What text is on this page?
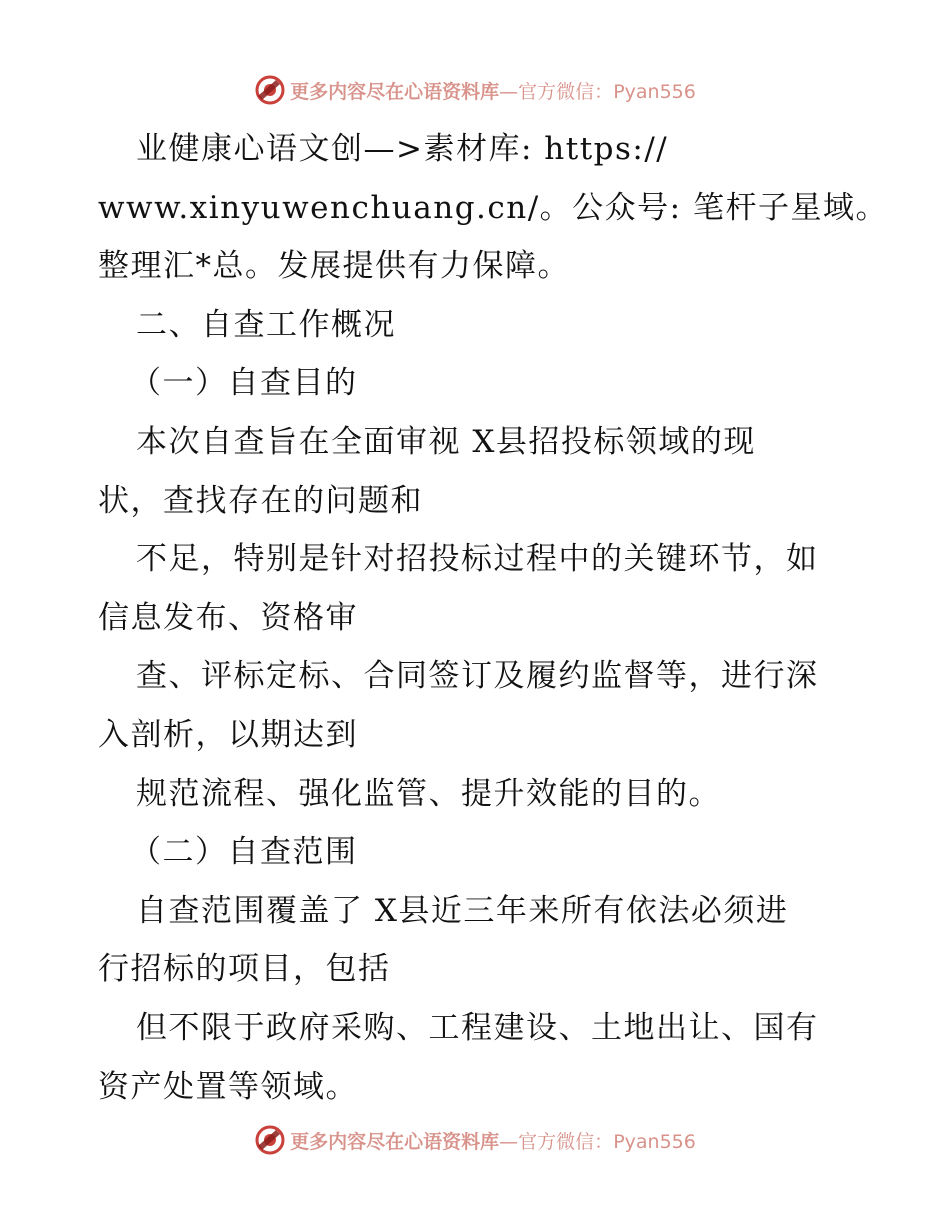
更多内容尽在心语资料库—官方微信：Pyan556
业健康心语文创—>素材库: https://
www.xinyuwenchuang.cn/。公众号: 笔杆子星域。
整理汇*总。发展提供有力保障。
二、自查工作概况
（一）自查目的
本次自查旨在全面审视 X县招投标领域的现
状，查找存在的问题和
不足，特别是针对招投标过程中的关键环节，如
信息发布、资格审
查、评标定标、合同签订及履约监督等，进行深
入剖析，以期达到
规范流程、强化监管、提升效能的目的。
（二）自查范围
自查范围覆盖了 X县近三年来所有依法必须进
行招标的项目，包括
但不限于政府采购、工程建设、土地出让、国有
资产处置等领域。
更多内容尽在心语资料库—官方微信：Pyan556
